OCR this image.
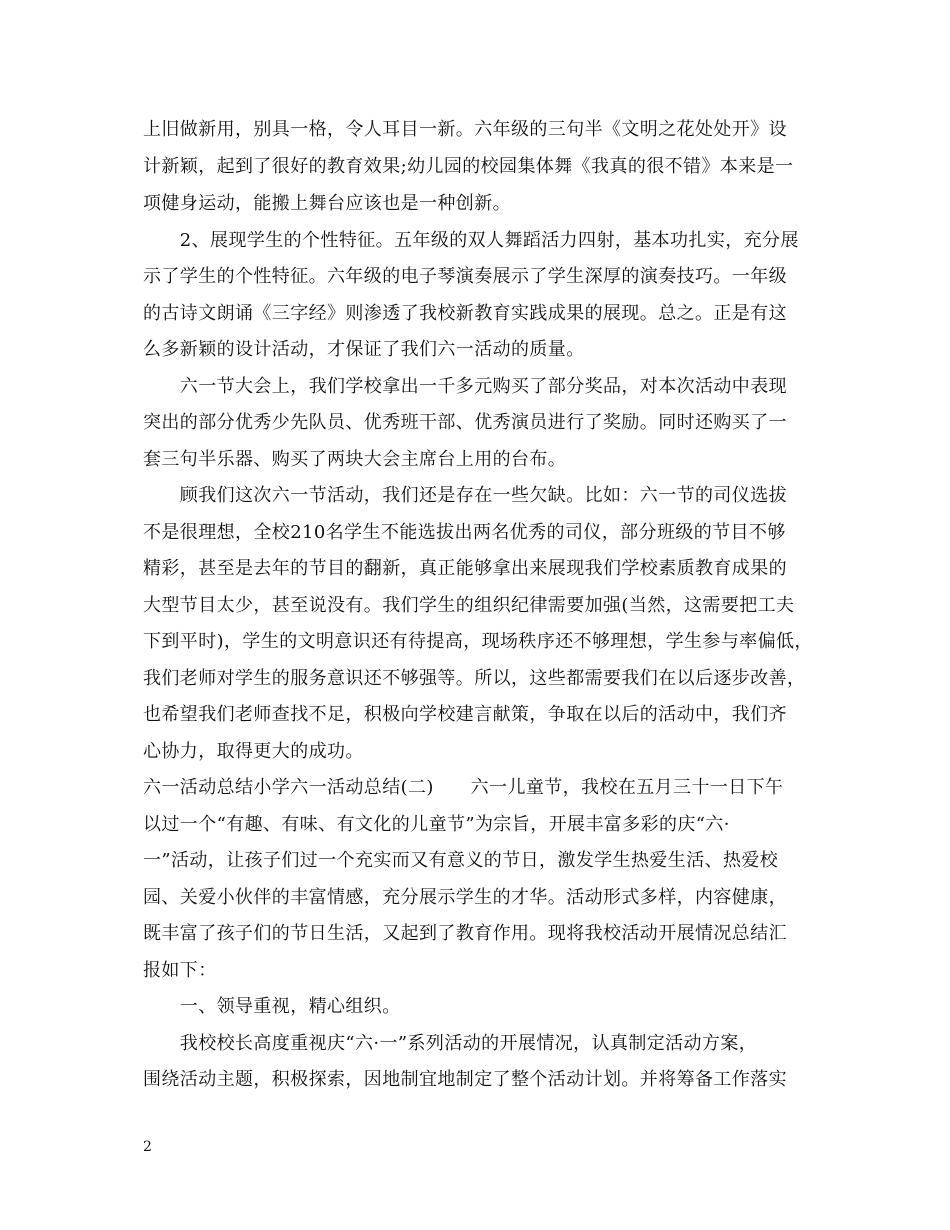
上旧做新用，别具一格，令人耳目一新。六年级的三句半《文明之花处处开》设
计新颖，起到了很好的教育效果;幼儿园的校园集体舞《我真的很不错》本来是一
项健身运动，能搬上舞台应该也是一种创新。
　　2、展现学生的个性特征。五年级的双人舞蹈活力四射，基本功扎实，充分展
示了学生的个性特征。六年级的电子琴演奏展示了学生深厚的演奏技巧。一年级
的古诗文朗诵《三字经》则渗透了我校新教育实践成果的展现。总之。正是有这
么多新颖的设计活动，才保证了我们六一活动的质量。
　　六一节大会上，我们学校拿出一千多元购买了部分奖品，对本次活动中表现
突出的部分优秀少先队员、优秀班干部、优秀演员进行了奖励。同时还购买了一
套三句半乐器、购买了两块大会主席台上用的台布。
　　顾我们这次六一节活动，我们还是存在一些欠缺。比如：六一节的司仪选拔
不是很理想，全校210名学生不能选拔出两名优秀的司仪，部分班级的节目不够
精彩，甚至是去年的节目的翻新，真正能够拿出来展现我们学校素质教育成果的
大型节目太少，甚至说没有。我们学生的组织纪律需要加强(当然，这需要把工夫
下到平时)，学生的文明意识还有待提高，现场秩序还不够理想，学生参与率偏低，
我们老师对学生的服务意识还不够强等。所以，这些都需要我们在以后逐步改善，
也希望我们老师查找不足，积极向学校建言献策，争取在以后的活动中，我们齐
心协力，取得更大的成功。
六一活动总结小学六一活动总结(二)　　六一儿童节，我校在五月三十一日下午
以过一个“有趣、有味、有文化的儿童节”为宗旨，开展丰富多彩的庆“六·
一”活动，让孩子们过一个充实而又有意义的节日，激发学生热爱生活、热爱校
园、关爱小伙伴的丰富情感，充分展示学生的才华。活动形式多样，内容健康，
既丰富了孩子们的节日生活，又起到了教育作用。现将我校活动开展情况总结汇
报如下：
　　一、领导重视，精心组织。
　　我校校长高度重视庆“六·一”系列活动的开展情况，认真制定活动方案，
围绕活动主题，积极探索，因地制宜地制定了整个活动计划。并将筹备工作落实
2
